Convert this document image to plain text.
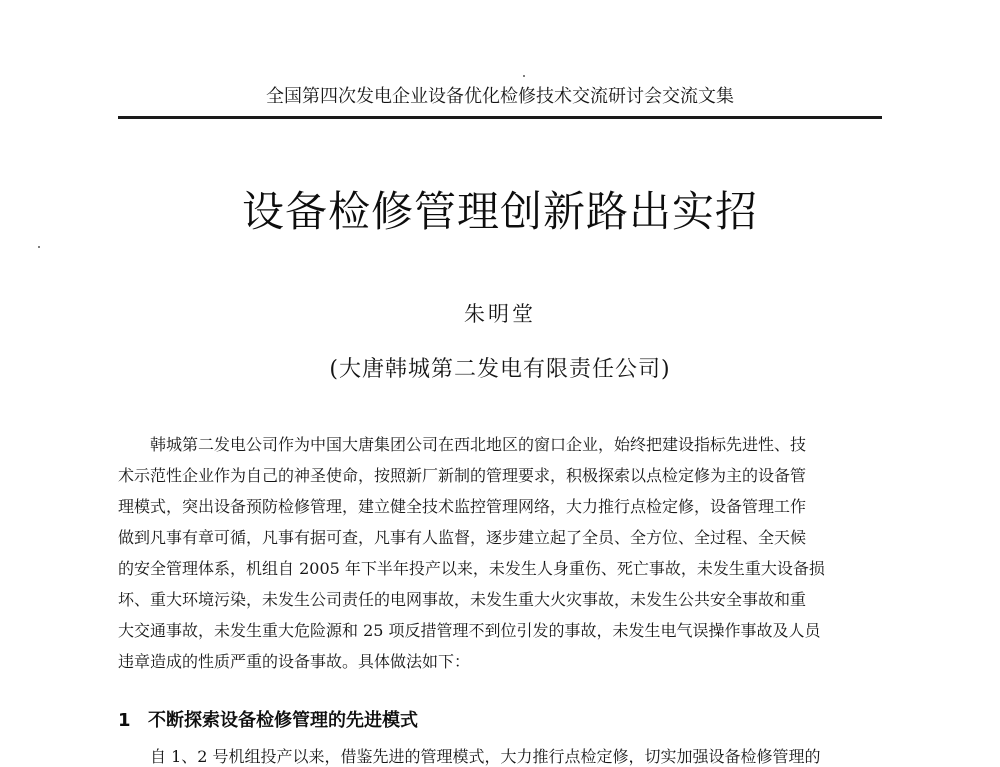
全国第四次发电企业设备优化检修技术交流研讨会交流文集
设备检修管理创新路出实招
朱明堂
(大唐韩城第二发电有限责任公司)
韩城第二发电公司作为中国大唐集团公司在西北地区的窗口企业，始终把建设指标先进性、技
术示范性企业作为自己的神圣使命，按照新厂新制的管理要求，积极探索以点检定修为主的设备管
理模式，突出设备预防检修管理，建立健全技术监控管理网络，大力推行点检定修，设备管理工作
做到凡事有章可循，凡事有据可查，凡事有人监督，逐步建立起了全员、全方位、全过程、全天候
的安全管理体系，机组自 2005 年下半年投产以来，未发生人身重伤、死亡事故，未发生重大设备损
坏、重大环境污染，未发生公司责任的电网事故，未发生重大火灾事故，未发生公共安全事故和重
大交通事故，未发生重大危险源和 25 项反措管理不到位引发的事故，未发生电气误操作事故及人员
违章造成的性质严重的设备事故。具体做法如下：
1 不断探索设备检修管理的先进模式
自 1、2 号机组投产以来，借鉴先进的管理模式，大力推行点检定修，切实加强设备检修管理的
